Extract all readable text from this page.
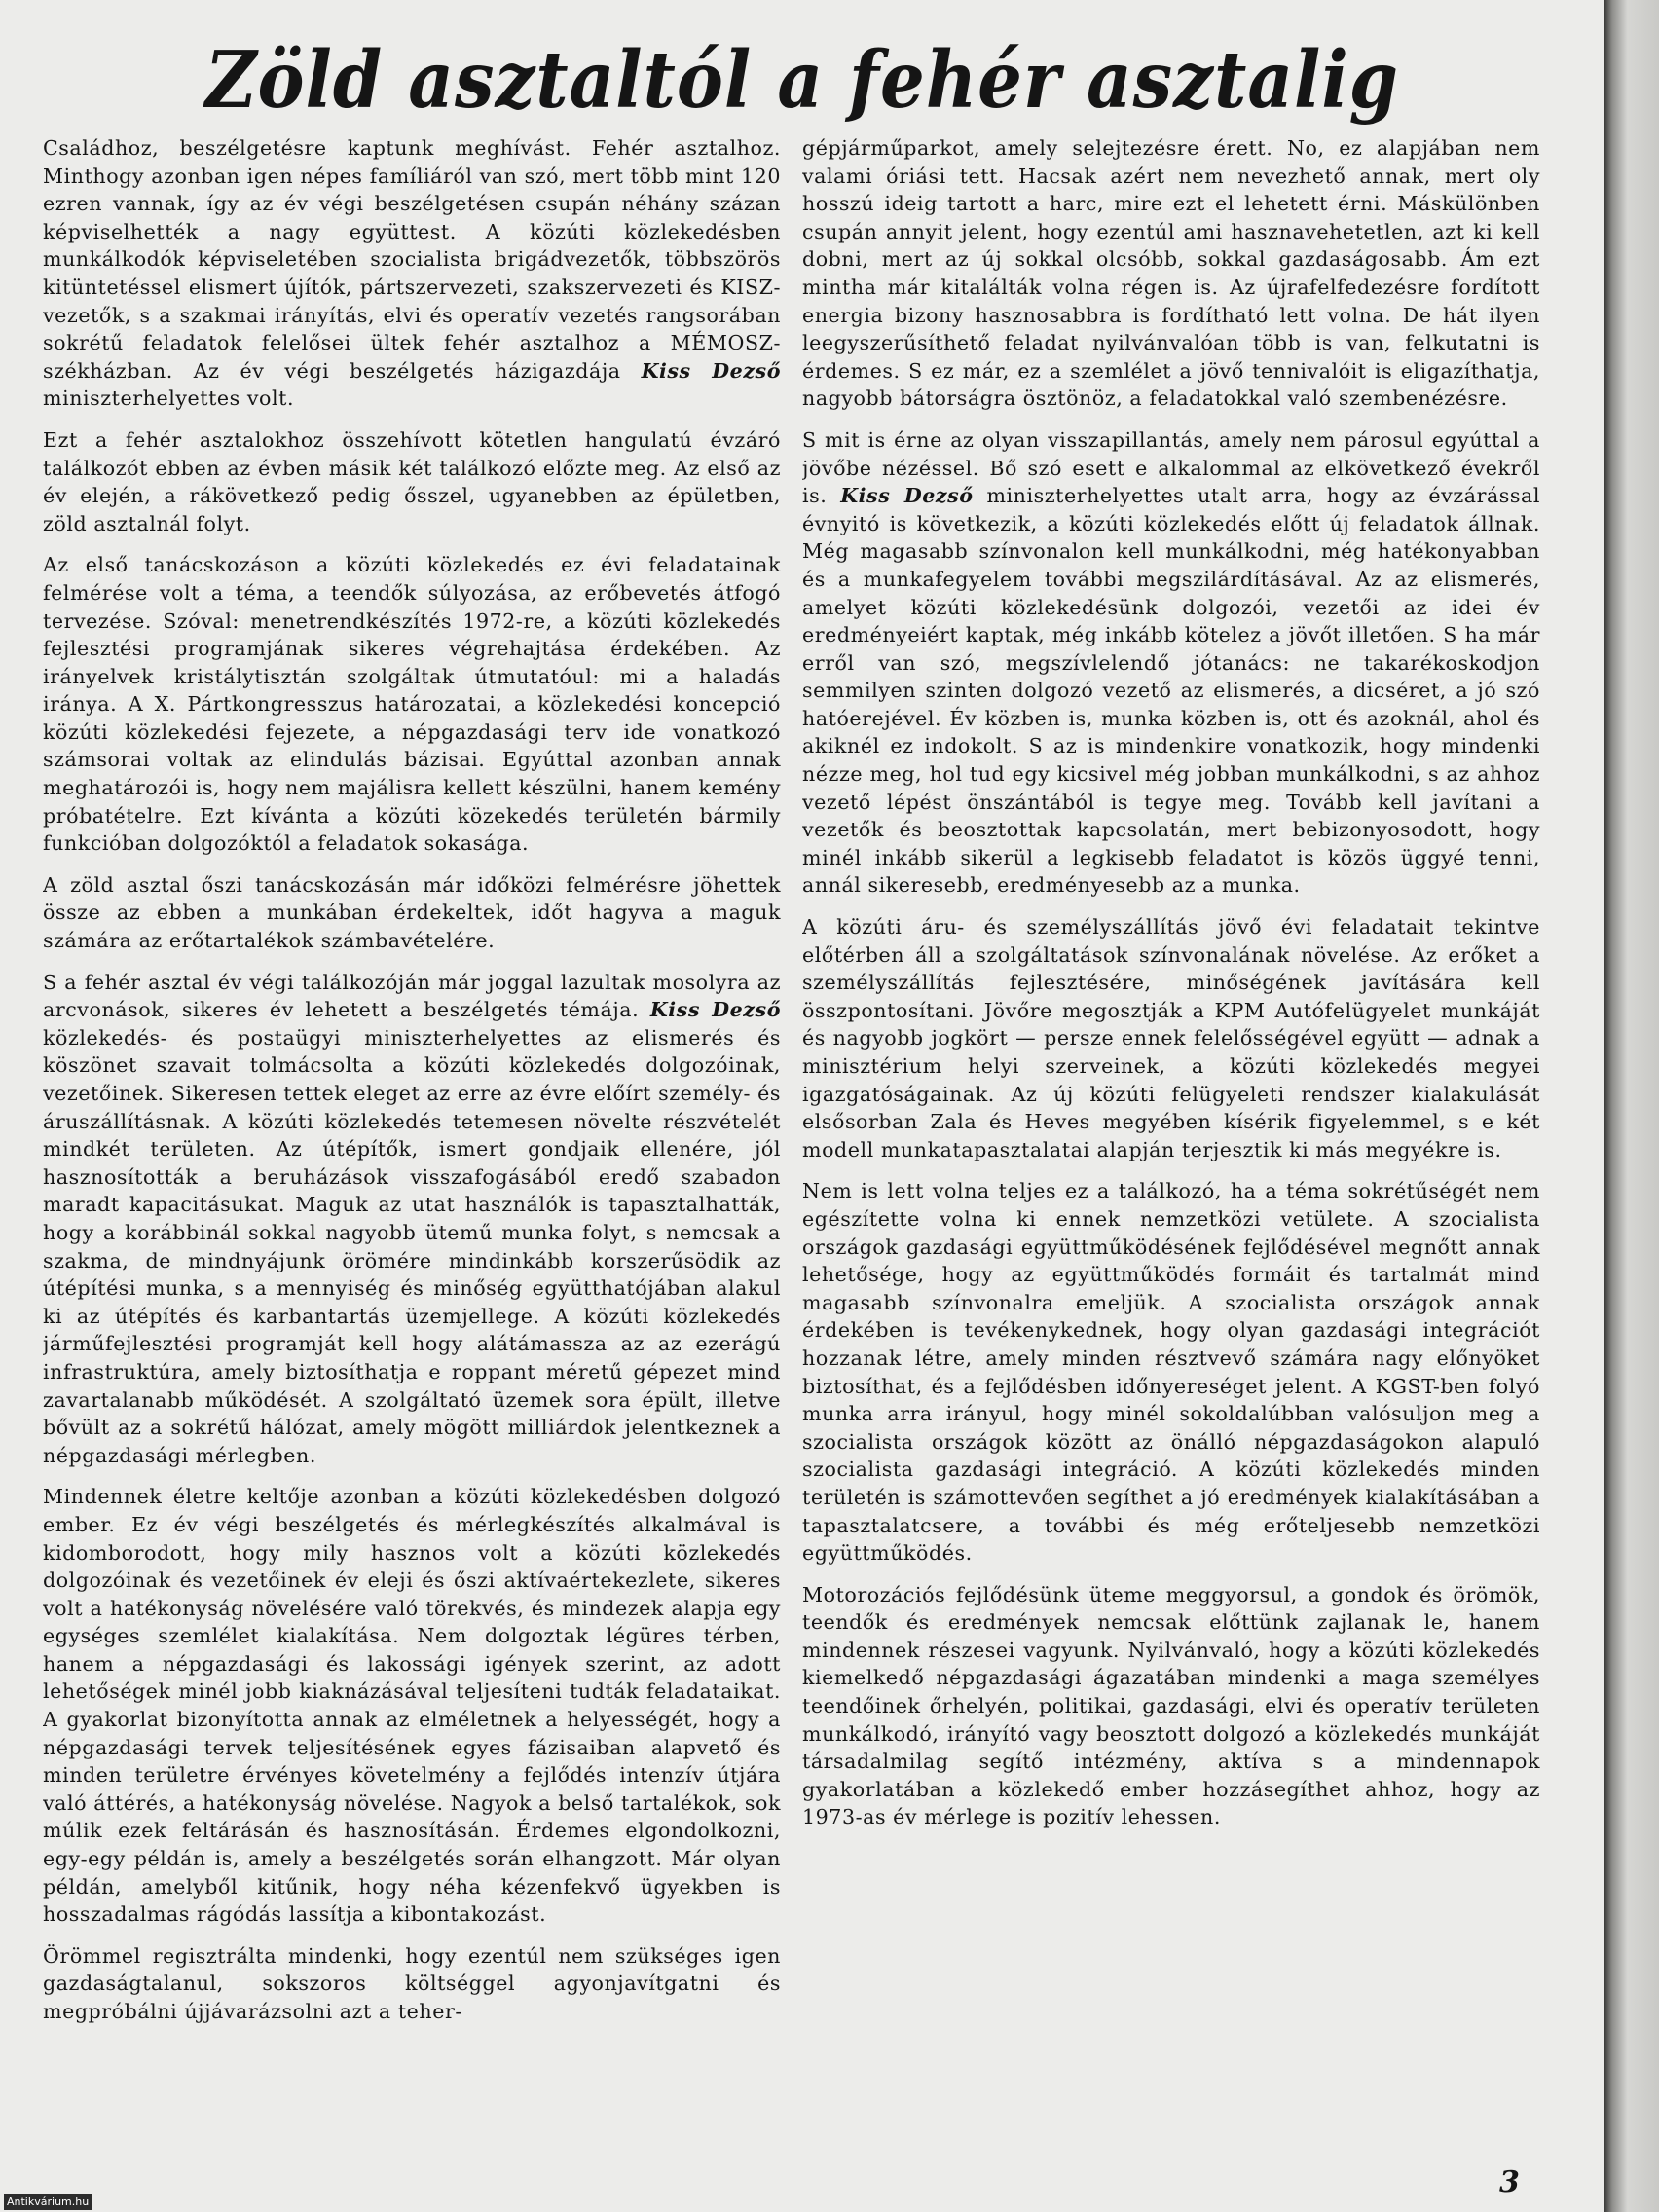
Zöld asztaltól a fehér asztalig

Családhoz, beszélgetésre kaptunk meghívást. Fehér asztalhoz. Minthogy azonban igen népes famíliáról van szó, mert több mint 120 ezren vannak, így az év végi beszélgetésen csupán néhány százan képviselhették a nagy együttest. A közúti közlekedésben munkálkodók képviseletében szocialista brigádvezetők, többszörös kitüntetéssel elismert újítók, pártszervezeti, szakszervezeti és KISZ-vezetők, s a szakmai irányítás, elvi és operatív vezetés rangsorában sokrétű feladatok felelősei ültek fehér asztalhoz a MÉMOSZ-székházban. Az év végi beszélgetés házigazdája Kiss Dezső miniszterhelyettes volt.

Ezt a fehér asztalokhoz összehívott kötetlen hangulatú évzáró találkozót ebben az évben másik két találkozó előzte meg. Az első az év elején, a rákövetkező pedig ősszel, ugyanebben az épületben, zöld asztalnál folyt.

Az első tanácskozáson a közúti közlekedés ez évi feladatainak felmérése volt a téma, a teendők súlyozása, az erőbevetés átfogó tervezése. Szóval: menetrendkészítés 1972-re, a közúti közlekedés fejlesztési programjának sikeres végrehajtása érdekében. Az irányelvek kristálytisztán szolgáltak útmutatóul: mi a haladás iránya. A X. Pártkongresszus határozatai, a közlekedési koncepció közúti közlekedési fejezete, a népgazdasági terv ide vonatkozó számsorai voltak az elindulás bázisai. Egyúttal azonban annak meghatározói is, hogy nem majálisra kellett készülni, hanem kemény próbatételre. Ezt kívánta a közúti közekedés területén bármily funkcióban dolgozóktól a feladatok sokasága.

A zöld asztal őszi tanácskozásán már időközi felmérésre jöhettek össze az ebben a munkában érdekeltek, időt hagyva a maguk számára az erőtartalékok számbavételére.

S a fehér asztal év végi találkozóján már joggal lazultak mosolyra az arcvonások, sikeres év lehetett a beszélgetés témája. Kiss Dezső közlekedés- és postaügyi miniszterhelyettes az elismerés és köszönet szavait tolmácsolta a közúti közlekedés dolgozóinak, vezetőinek. Sikeresen tettek eleget az erre az évre előírt személy- és áruszállításnak. A közúti közlekedés tetemesen növelte részvételét mindkét területen. Az útépítők, ismert gondjaik ellenére, jól hasznosították a beruházások visszafogásából eredő szabadon maradt kapacitásukat. Maguk az utat használók is tapasztalhatták, hogy a korábbinál sokkal nagyobb ütemű munka folyt, s nemcsak a szakma, de mindnyájunk örömére mindinkább korszerűsödik az útépítési munka, s a mennyiség és minőség együtthatójában alakul ki az útépítés és karbantartás üzemjellege. A közúti közlekedés járműfejlesztési programját kell hogy alátámassza az az ezerágú infrastruktúra, amely biztosíthatja e roppant méretű gépezet mind zavartalanabb működését. A szolgáltató üzemek sora épült, illetve bővült az a sokrétű hálózat, amely mögött milliárdok jelentkeznek a népgazdasági mérlegben.

Mindennek életre keltője azonban a közúti közlekedésben dolgozó ember. Ez év végi beszélgetés és mérlegkészítés alkalmával is kidomborodott, hogy mily hasznos volt a közúti közlekedés dolgozóinak és vezetőinek év eleji és őszi aktívaértekezlete, sikeres volt a hatékonyság növelésére való törekvés, és mindezek alapja egy egységes szemlélet kialakítása. Nem dolgoztak légüres térben, hanem a népgazdasági és lakossági igények szerint, az adott lehetőségek minél jobb kiaknázásával teljesíteni tudták feladataikat. A gyakorlat bizonyította annak az elméletnek a helyességét, hogy a népgazdasági tervek teljesítésének egyes fázisaiban alapvető és minden területre érvényes követelmény a fejlődés intenzív útjára való áttérés, a hatékonyság növelése. Nagyok a belső tartalékok, sok múlik ezek feltárásán és hasznosításán. Érdemes elgondolkozni, egy-egy példán is, amely a beszélgetés során elhangzott. Már olyan példán, amelyből kitűnik, hogy néha kézenfekvő ügyekben is hosszadalmas rágódás lassítja a kibontakozást.

Örömmel regisztrálta mindenki, hogy ezentúl nem szükséges igen gazdaságtalanul, sokszoros költséggel agyonjavítgatni és megpróbálni újjávarázsolni azt a teher-

gépjárműparkot, amely selejtezésre érett. No, ez alapjában nem valami óriási tett. Hacsak azért nem nevezhető annak, mert oly hosszú ideig tartott a harc, mire ezt el lehetett érni. Máskülönben csupán annyit jelent, hogy ezentúl ami hasznavehetetlen, azt ki kell dobni, mert az új sokkal olcsóbb, sokkal gazdaságosabb. Ám ezt mintha már kitalálták volna régen is. Az újrafelfedezésre fordított energia bizony hasznosabbra is fordítható lett volna. De hát ilyen leegyszerűsíthető feladat nyilvánvalóan több is van, felkutatni is érdemes. S ez már, ez a szemlélet a jövő tennivalóit is eligazíthatja, nagyobb bátorságra ösztönöz, a feladatokkal való szembenézésre.

S mit is érne az olyan visszapillantás, amely nem párosul egyúttal a jövőbe nézéssel. Bő szó esett e alkalommal az elkövetkező évekről is. Kiss Dezső miniszterhelyettes utalt arra, hogy az évzárással évnyitó is következik, a közúti közlekedés előtt új feladatok állnak. Még magasabb színvonalon kell munkálkodni, még hatékonyabban és a munkafegyelem további megszilárdításával. Az az elismerés, amelyet közúti közlekedésünk dolgozói, vezetői az idei év eredményeiért kaptak, még inkább kötelez a jövőt illetően. S ha már erről van szó, megszívlelendő jótanács: ne takarékoskodjon semmilyen szinten dolgozó vezető az elismerés, a dicséret, a jó szó hatóerejével. Év közben is, munka közben is, ott és azoknál, ahol és akiknél ez indokolt. S az is mindenkire vonatkozik, hogy mindenki nézze meg, hol tud egy kicsivel még jobban munkálkodni, s az ahhoz vezető lépést önszántából is tegye meg. Tovább kell javítani a vezetők és beosztottak kapcsolatán, mert bebizonyosodott, hogy minél inkább sikerül a legkisebb feladatot is közös üggyé tenni, annál sikeresebb, eredményesebb az a munka.

A közúti áru- és személyszállítás jövő évi feladatait tekintve előtérben áll a szolgáltatások színvonalának növelése. Az erőket a személyszállítás fejlesztésére, minőségének javítására kell összpontosítani. Jövőre megosztják a KPM Autófelügyelet munkáját és nagyobb jogkört — persze ennek felelősségével együtt — adnak a minisztérium helyi szerveinek, a közúti közlekedés megyei igazgatóságainak. Az új közúti felügyeleti rendszer kialakulását elsősorban Zala és Heves megyében kísérik figyelemmel, s e két modell munkatapasztalatai alapján terjesztik ki más megyékre is.

Nem is lett volna teljes ez a találkozó, ha a téma sokrétűségét nem egészítette volna ki ennek nemzetközi vetülete. A szocialista országok gazdasági együttműködésének fejlődésével megnőtt annak lehetősége, hogy az együttműködés formáit és tartalmát mind magasabb színvonalra emeljük. A szocialista országok annak érdekében is tevékenykednek, hogy olyan gazdasági integrációt hozzanak létre, amely minden résztvevő számára nagy előnyöket biztosíthat, és a fejlődésben időnyereséget jelent. A KGST-ben folyó munka arra irányul, hogy minél sokoldalúbban valósuljon meg a szocialista országok között az önálló népgazdaságokon alapuló szocialista gazdasági integráció. A közúti közlekedés minden területén is számottevően segíthet a jó eredmények kialakításában a tapasztalatcsere, a további és még erőteljesebb nemzetközi együttműködés.

Motorozációs fejlődésünk üteme meggyorsul, a gondok és örömök, teendők és eredmények nemcsak előttünk zajlanak le, hanem mindennek részesei vagyunk. Nyilvánvaló, hogy a közúti közlekedés kiemelkedő népgazdasági ágazatában mindenki a maga személyes teendőinek őrhelyén, politikai, gazdasági, elvi és operatív területen munkálkodó, irányító vagy beosztott dolgozó a közlekedés munkáját társadalmilag segítő intézmény, aktíva s a mindennapok gyakorlatában a közlekedő ember hozzásegíthet ahhoz, hogy az 1973-as év mérlege is pozitív lehessen.

3

Antikvárium.hu
